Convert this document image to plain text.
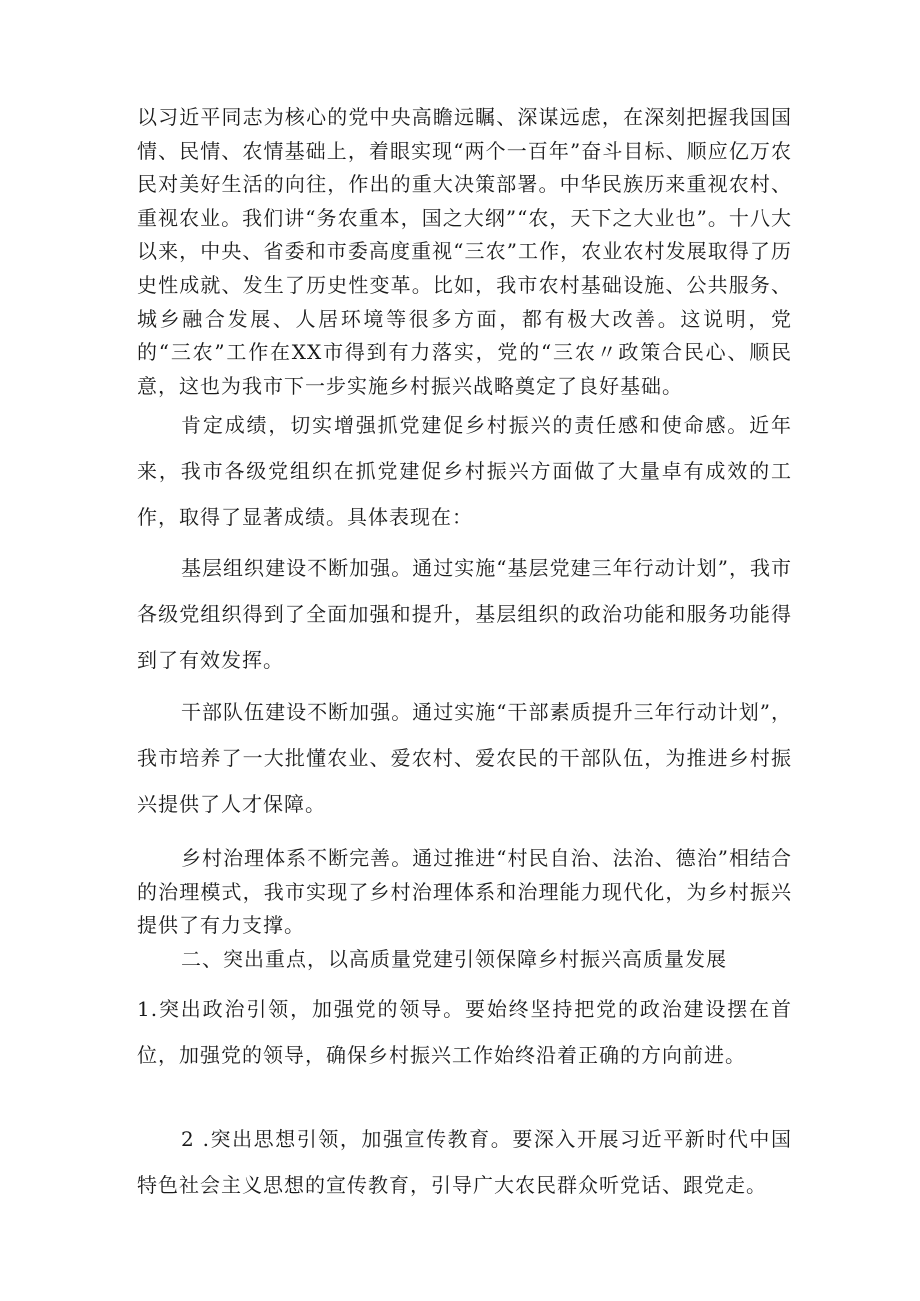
以习近平同志为核心的党中央高瞻远瞩、深谋远虑，在深刻把握我国国情、民情、农情基础上，着眼实现“两个一百年”奋斗目标、顺应亿万农民对美好生活的向往，作出的重大决策部署。中华民族历来重视农村、重视农业。我们讲“务农重本，国之大纲”“农，天下之大业也”。十八大以来，中央、省委和市委高度重视“三农”工作，农业农村发展取得了历史性成就、发生了历史性变革。比如，我市农村基础设施、公共服务、城乡融合发展、人居环境等很多方面，都有极大改善。这说明，党的“三农”工作在XX市得到有力落实，党的“三农〃政策合民心、顺民意，这也为我市下一步实施乡村振兴战略奠定了良好基础。

肯定成绩，切实增强抓党建促乡村振兴的责任感和使命感。近年来，我市各级党组织在抓党建促乡村振兴方面做了大量卓有成效的工作，取得了显著成绩。具体表现在：

基层组织建设不断加强。通过实施“基层党建三年行动计划”，我市各级党组织得到了全面加强和提升，基层组织的政治功能和服务功能得到了有效发挥。

干部队伍建设不断加强。通过实施“干部素质提升三年行动计划”，我市培养了一大批懂农业、爱农村、爱农民的干部队伍，为推进乡村振兴提供了人才保障。

乡村治理体系不断完善。通过推进“村民自治、法治、德治”相结合的治理模式，我市实现了乡村治理体系和治理能力现代化，为乡村振兴提供了有力支撑。

二、突出重点，以高质量党建引领保障乡村振兴高质量发展

1.突出政治引领，加强党的领导。要始终坚持把党的政治建设摆在首位，加强党的领导，确保乡村振兴工作始终沿着正确的方向前进。

2 .突出思想引领，加强宣传教育。要深入开展习近平新时代中国特色社会主义思想的宣传教育，引导广大农民群众听党话、跟党走。
